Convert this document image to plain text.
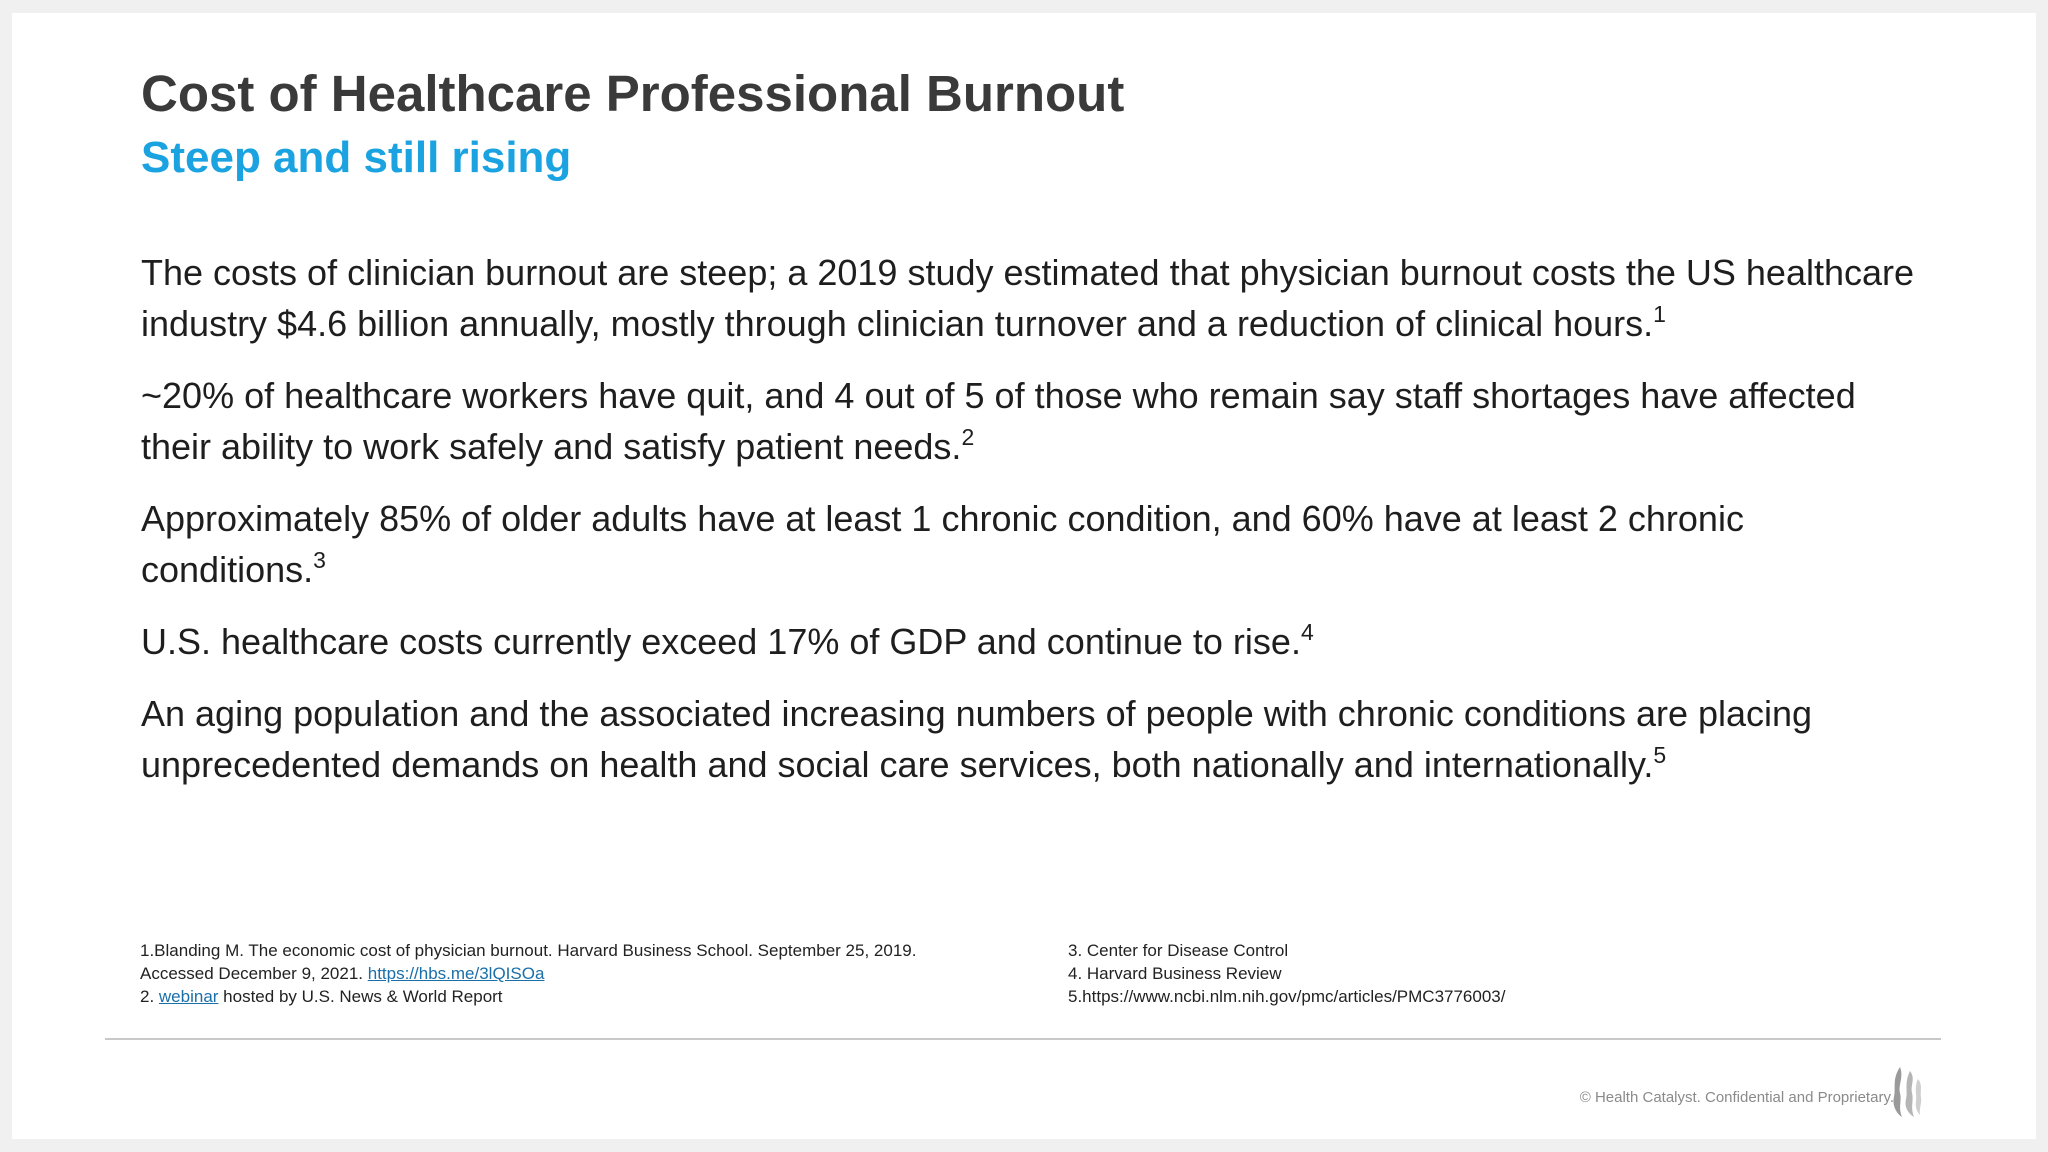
Cost of Healthcare Professional Burnout
Steep and still rising

The costs of clinician burnout are steep; a 2019 study estimated that physician burnout costs the US healthcare industry $4.6 billion annually, mostly through clinician turnover and a reduction of clinical hours.$^1$

~20% of healthcare workers have quit, and 4 out of 5 of those who remain say staff shortages have affected their ability to work safely and satisfy patient needs.$^2$

Approximately 85% of older adults have at least 1 chronic condition, and 60% have at least 2 chronic conditions.$^3$

U.S. healthcare costs currently exceed 17% of GDP and continue to rise.$^4$

An aging population and the associated increasing numbers of people with chronic conditions are placing unprecedented demands on health and social care services, both nationally and internationally.$^5$

1.Blanding M. The economic cost of physician burnout. Harvard Business School. September 25, 2019.
Accessed December 9, 2021. https://hbs.me/3lQISOa
2. webinar hosted by U.S. News & World Report
3. Center for Disease Control
4. Harvard Business Review
5.https://www.ncbi.nlm.nih.gov/pmc/articles/PMC3776003/
© Health Catalyst. Confidential and Proprietary.
